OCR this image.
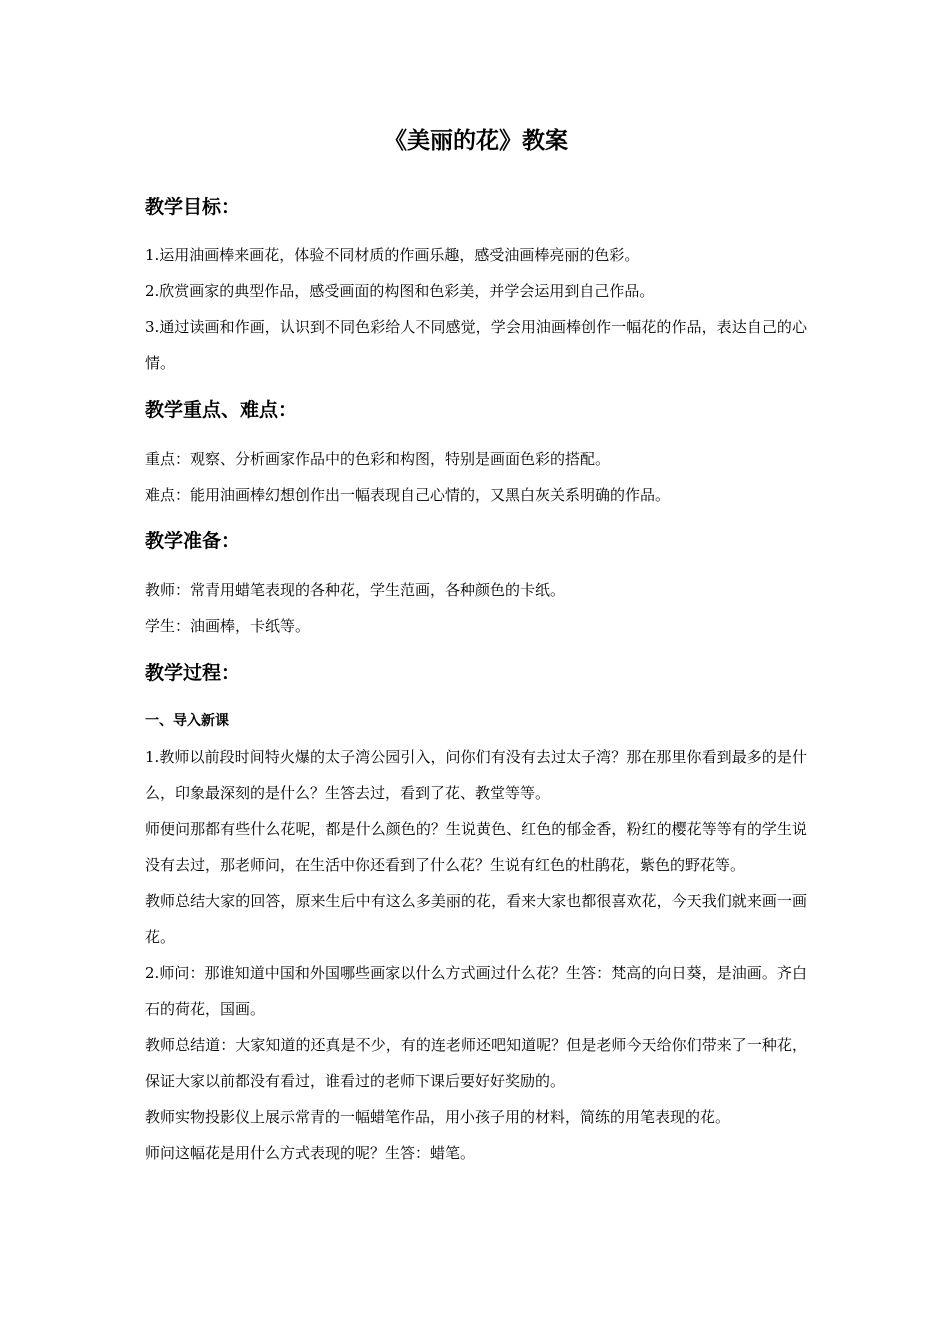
《美丽的花》教案
教学目标：

1.运用油画棒来画花，体验不同材质的作画乐趣，感受油画棒亮丽的色彩。

2.欣赏画家的典型作品，感受画面的构图和色彩美，并学会运用到自己作品。

3.通过读画和作画，认识到不同色彩给人不同感觉，学会用油画棒创作一幅花的作品，表达自己的心情。

教学重点、难点：

重点：观察、分析画家作品中的色彩和构图，特别是画面色彩的搭配。

难点：能用油画棒幻想创作出一幅表现自己心情的，又黑白灰关系明确的作品。

教学准备：

教师：常青用蜡笔表现的各种花，学生范画，各种颜色的卡纸。

学生：油画棒，卡纸等。

教学过程：
一、导入新课

1.教师以前段时间特火爆的太子湾公园引入，问你们有没有去过太子湾？那在那里你看到最多的是什么，印象最深刻的是什么？生答去过，看到了花、教堂等等。

师便问那都有些什么花呢，都是什么颜色的？生说黄色、红色的郁金香，粉红的樱花等等有的学生说没有去过，那老师问，在生活中你还看到了什么花？生说有红色的杜鹃花，紫色的野花等。

教师总结大家的回答，原来生后中有这么多美丽的花，看来大家也都很喜欢花，今天我们就来画一画花。

2.师问：那谁知道中国和外国哪些画家以什么方式画过什么花？生答：梵高的向日葵，是油画。齐白石的荷花，国画。

教师总结道：大家知道的还真是不少，有的连老师还吧知道呢？但是老师今天给你们带来了一种花，保证大家以前都没有看过，谁看过的老师下课后要好好奖励的。

教师实物投影仪上展示常青的一幅蜡笔作品，用小孩子用的材料，简练的用笔表现的花。

师问这幅花是用什么方式表现的呢？生答：蜡笔。
